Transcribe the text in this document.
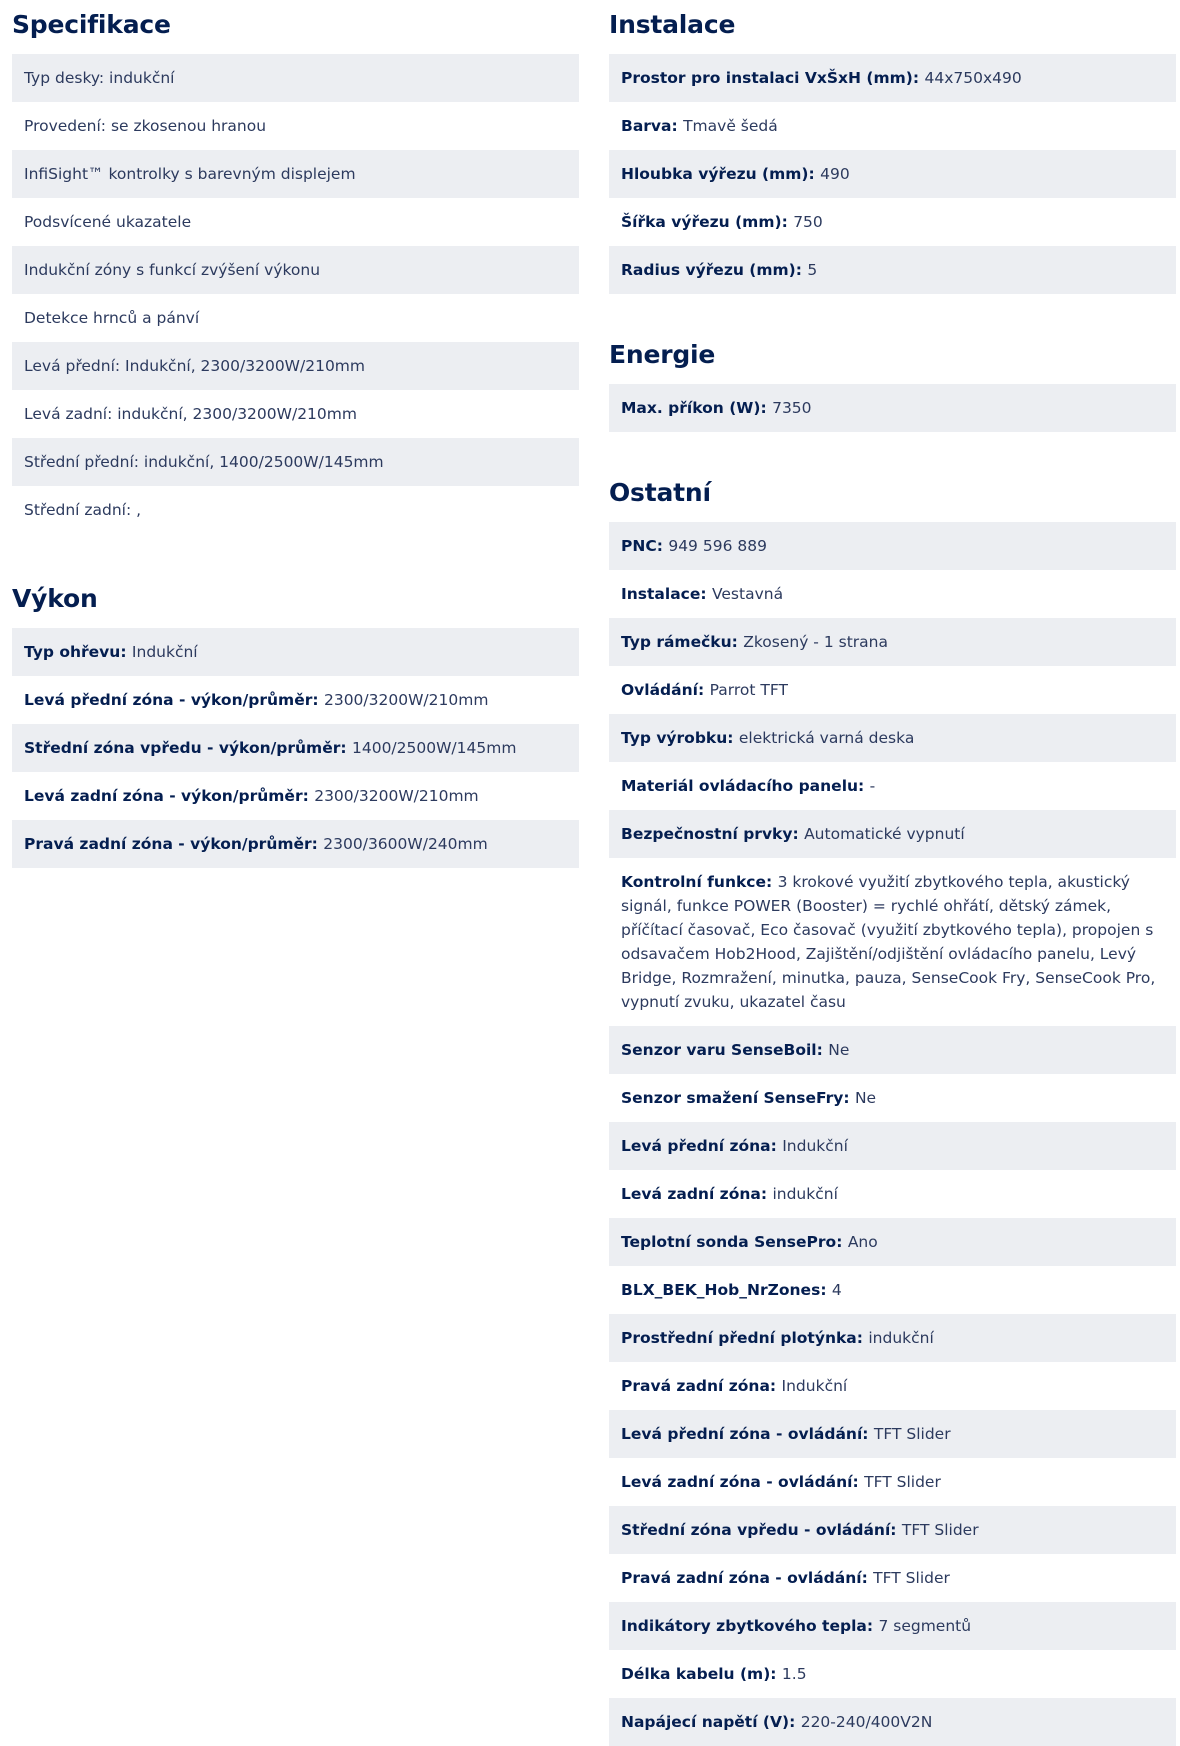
Specifikace
Typ desky: indukční
Provedení: se zkosenou hranou
InfiSight™ kontrolky s barevným displejem
Podsvícené ukazatele
Indukční zóny s funkcí zvýšení výkonu
Detekce hrnců a pánví
Levá přední: Indukční, 2300/3200W/210mm
Levá zadní: indukční, 2300/3200W/210mm
Střední přední: indukční, 1400/2500W/145mm
Střední zadní: ,
Výkon
Typ ohřevu: Indukční
Levá přední zóna - výkon/průměr: 2300/3200W/210mm
Střední zóna vpředu - výkon/průměr: 1400/2500W/145mm
Levá zadní zóna - výkon/průměr: 2300/3200W/210mm
Pravá zadní zóna - výkon/průměr: 2300/3600W/240mm
Instalace
Prostor pro instalaci VxŠxH (mm): 44x750x490
Barva: Tmavě šedá
Hloubka výřezu (mm): 490
Šířka výřezu (mm): 750
Radius výřezu (mm): 5
Energie
Max. příkon (W): 7350
Ostatní
PNC: 949 596 889
Instalace: Vestavná
Typ rámečku: Zkosený - 1 strana
Ovládání: Parrot TFT
Typ výrobku: elektrická varná deska
Materiál ovládacího panelu: -
Bezpečnostní prvky: Automatické vypnutí
Kontrolní funkce: 3 krokové využití zbytkového tepla, akustický signál, funkce POWER (Booster) = rychlé ohřátí, dětský zámek, příčítací časovač, Eco časovač (využití zbytkového tepla), propojen s odsavačem Hob2Hood, Zajištění/odjištění ovládacího panelu, Levý Bridge, Rozmražení, minutka, pauza, SenseCook Fry, SenseCook Pro, vypnutí zvuku, ukazatel času
Senzor varu SenseBoil: Ne
Senzor smažení SenseFry: Ne
Levá přední zóna: Indukční
Levá zadní zóna: indukční
Teplotní sonda SensePro: Ano
BLX_BEK_Hob_NrZones: 4
Prostřední přední plotýnka: indukční
Pravá zadní zóna: Indukční
Levá přední zóna - ovládání: TFT Slider
Levá zadní zóna - ovládání: TFT Slider
Střední zóna vpředu - ovládání: TFT Slider
Pravá zadní zóna - ovládání: TFT Slider
Indikátory zbytkového tepla: 7 segmentů
Délka kabelu (m): 1.5
Napájecí napětí (V): 220-240/400V2N
